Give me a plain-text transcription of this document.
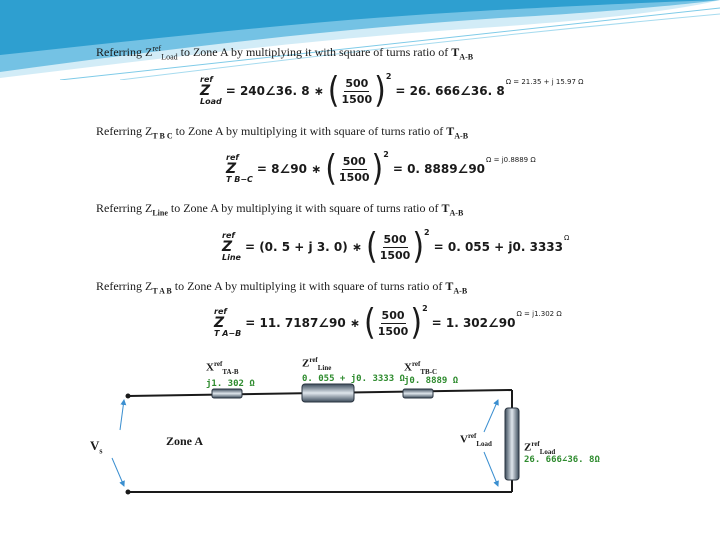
Referring $Z^{ref}_{Load}$ to Zone A by multiplying it with square of turns ratio of $T_{A-B}$
ref
Z
Load
= 240∠36. 8 ∗ ( $\frac{500}{1500}$ ) 2
= 26. 666∠36. 8
Ω = 21.35 + j 15.97 Ω
Referring $Z_{T B C}$ to Zone A by multiplying it with square of turns ratio of $T_{A-B}$
ref
Z
T B−C
= 8∠90 ∗ ( $\frac{500}{1500}$ ) 2
= 0. 8889∠90
Ω = j0.8889 Ω
Referring $Z_{Line}$ to Zone A by multiplying it with square of turns ratio of $T_{A-B}$
ref
Z
Line
= (0. 5 + j 3. 0) ∗ ( $\frac{500}{1500}$ ) 2
= 0. 055 + j0. 3333
Ω
Referring $Z_{T A B}$ to Zone A by multiplying it with square of turns ratio of $T_{A-B}$
ref
Z
T A−B
= 11. 7187∠90 ∗ ( $\frac{500}{1500}$ ) 2
= 1. 302∠90
Ω = j1.302 Ω
$X^{ref}_{TA-B}$
j1. 302 Ω
$Z^{ref}_{Line}$
0. 055 + j0. 3333 Ω
$X^{ref}_{TB-C}$
j0. 8889 Ω
$V^{ref}_{Load}$	$Z^{ref}_{Load}$
26. 666∠36. 8Ω
$V_s$
Zone A
